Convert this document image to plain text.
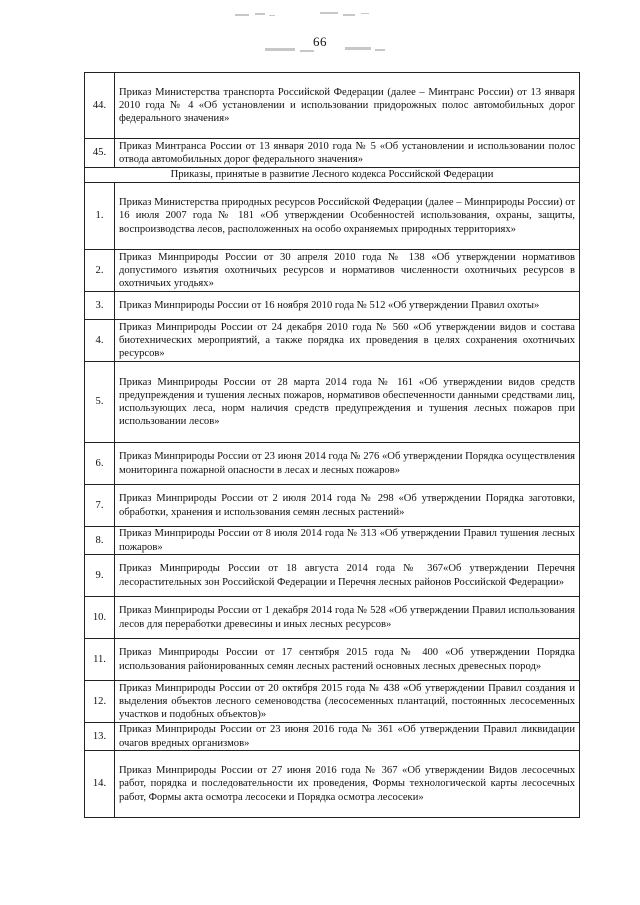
66
44.	Приказ Министерства транспорта Российской Федерации (далее – Минтранс России) от 13 января 2010 года № 4 «Об установлении и использовании придорожных полос автомобильных дорог федерального значения»
45.	Приказ Минтранса России от 13 января 2010 года № 5 «Об установлении и использовании полос отвода автомобильных дорог федерального значения»
Приказы, принятые в развитие Лесного кодекса Российской Федерации	
1.	Приказ Министерства природных ресурсов Российской Федерации (далее – Минприроды России) от 16 июля 2007 года № 181 «Об утверждении Особенностей использования, охраны, защиты, воспроизводства лесов, расположенных на особо охраняемых природных территориях»
2.	Приказ Минприроды России от 30 апреля 2010 года № 138 «Об утверждении нормативов допустимого изъятия охотничьих ресурсов и нормативов численности охотничьих ресурсов в охотничьих угодьях»
3.	Приказ Минприроды России от 16 ноября 2010 года № 512 «Об утверждении Правил охоты»
4.	Приказ Минприроды России от 24 декабря 2010 года № 560 «Об утверждении видов и состава биотехнических мероприятий, а также порядка их проведения в целях сохранения охотничьих ресурсов»
5.	Приказ Минприроды России от 28 марта 2014 года № 161 «Об утверждении видов средств предупреждения и тушения лесных пожаров, нормативов обеспеченности данными средствами лиц, использующих леса, норм наличия средств предупреждения и тушения лесных пожаров при использовании лесов»
6.	Приказ Минприроды России от 23 июня 2014 года № 276 «Об утверждении Порядка осуществления мониторинга пожарной опасности в лесах и лесных пожаров»
7.	Приказ Минприроды России от 2 июля 2014 года № 298 «Об утверждении Порядка заготовки, обработки, хранения и использования семян лесных растений»
8.	Приказ Минприроды России от 8 июля 2014 года № 313 «Об утверждении Правил тушения лесных пожаров»
9.	Приказ Минприроды России от 18 августа 2014 года № 367«Об утверждении Перечня лесорастительных зон Российской Федерации и Перечня лесных районов Российской Федерации»
10.	Приказ Минприроды России от 1 декабря 2014 года № 528 «Об утверждении Правил использования лесов для переработки древесины и иных лесных ресурсов»
11.	Приказ Минприроды России от 17 сентября 2015 года № 400 «Об утверждении Порядка использования районированных семян лесных растений основных лесных древесных пород»
12.	Приказ Минприроды России от 20 октября 2015 года № 438 «Об утверждении Правил создания и выделения объектов лесного семеноводства (лесосеменных плантаций, постоянных лесосеменных участков и подобных объектов)»
13.	Приказ Минприроды России от 23 июня 2016 года № 361 «Об утверждении Правил ликвидации очагов вредных организмов»
14.	Приказ Минприроды России от 27 июня 2016 года № 367 «Об утверждении Видов лесосечных работ, порядка и последовательности их проведения, Формы технологической карты лесосечных работ, Формы акта осмотра лесосеки и Порядка осмотра лесосеки»
